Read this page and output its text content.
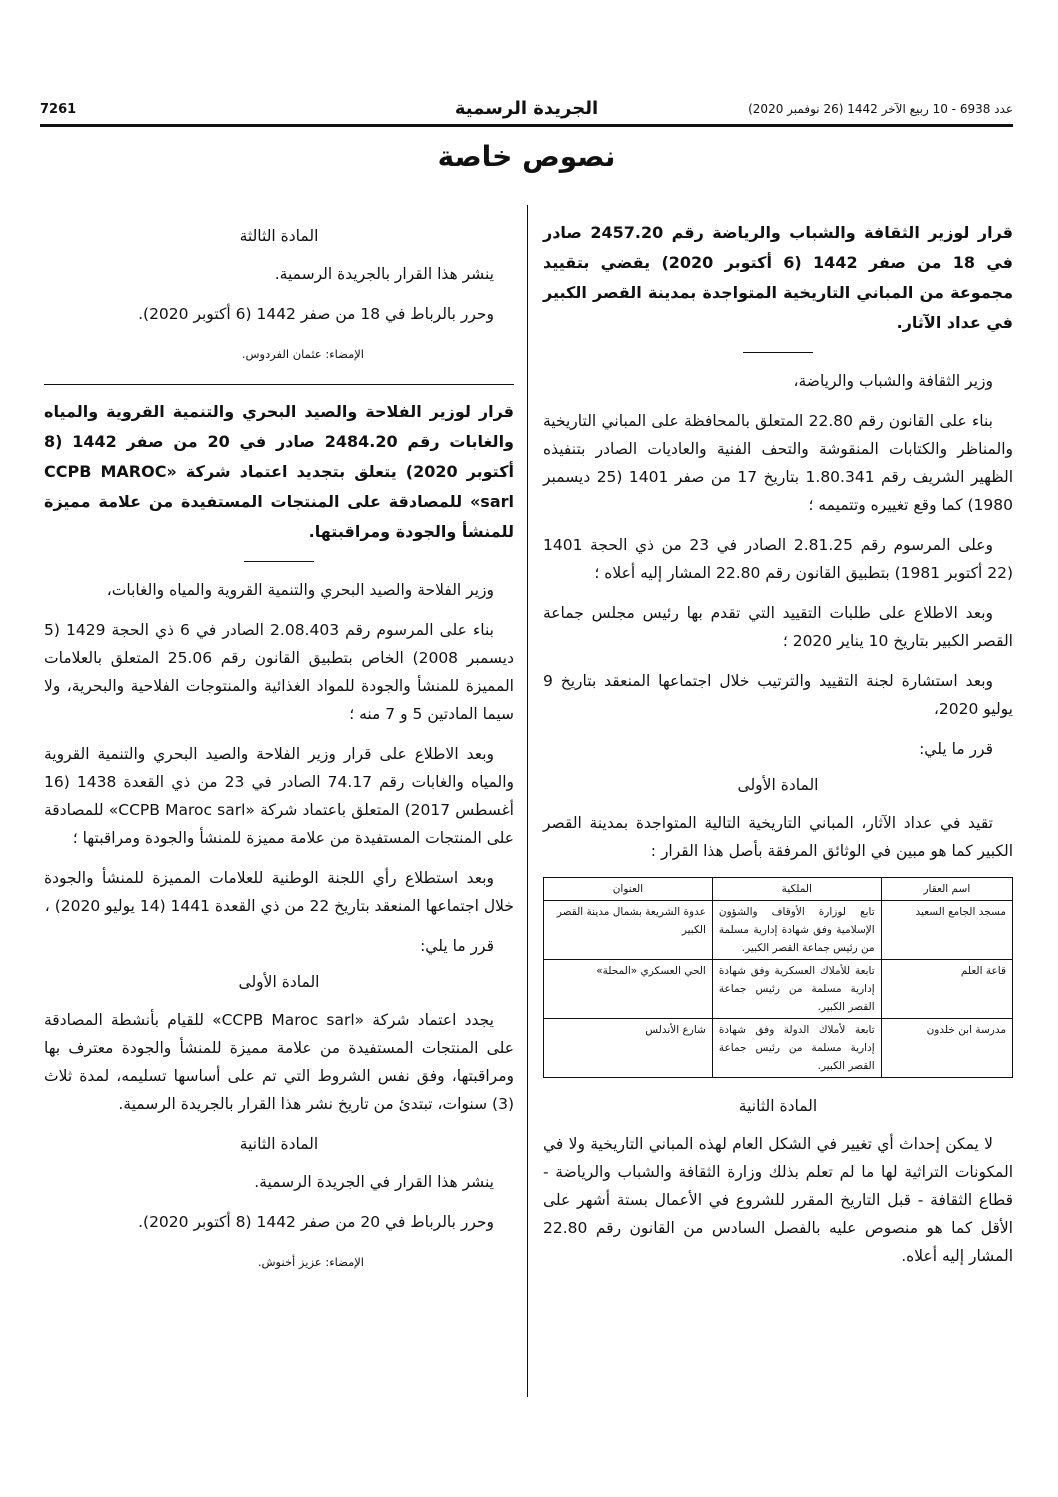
7261	الجريدة الرسمية	عدد 6938 - 10 ربيع الآخر 1442 (26 نوفمبر 2020)
نصوص خاصة

قرار لوزير الثقافة والشباب والرياضة رقم 2457.20 صادر في 18 من صفر 1442 (6 أكتوبر 2020) يقضي بتقييد مجموعة من المباني التاريخية المتواجدة بمدينة القصر الكبير في عداد الآثار.

وزير الثقافة والشباب والرياضة،

بناء على القانون رقم 22.80 المتعلق بالمحافظة على المباني التاريخية والمناظر والكتابات المنقوشة والتحف الفنية والعاديات الصادر بتنفيذه الظهير الشريف رقم 1.80.341 بتاريخ 17 من صفر 1401 (25 ديسمبر 1980) كما وقع تغييره وتتميمه ؛

وعلى المرسوم رقم 2.81.25 الصادر في 23 من ذي الحجة 1401 (22 أكتوبر 1981) بتطبيق القانون رقم 22.80 المشار إليه أعلاه ؛

وبعد الاطلاع على طلبات التقييد التي تقدم بها رئيس مجلس جماعة القصر الكبير بتاريخ 10 يناير 2020 ؛

وبعد استشارة لجنة التقييد والترتيب خلال اجتماعها المنعقد بتاريخ 9 يوليو 2020،

قرر ما يلي:

المادة الأولى

تقيد في عداد الآثار، المباني التاريخية التالية المتواجدة بمدينة القصر الكبير كما هو مبين في الوثائق المرفقة بأصل هذا القرار :

اسم العقار	الملكية	العنوان
مسجد الجامع السعيد	تابع لوزارة الأوقاف والشؤون الإسلامية وفق شهادة إدارية مسلمة من رئيس جماعة القصر الكبير.	عدوة الشريعة بشمال مدينة القصر الكبير
قاعة العلم	تابعة للأملاك العسكرية وفق شهادة إدارية مسلمة من رئيس جماعة القصر الكبير.	الحي العسكري «المحلة»
مدرسة ابن خلدون	تابعة لأملاك الدولة وفق شهادة إدارية مسلمة من رئيس جماعة القصر الكبير.	شارع الأندلس

المادة الثانية

لا يمكن إحداث أي تغيير في الشكل العام لهذه المباني التاريخية ولا في المكونات التراثية لها ما لم تعلم بذلك وزارة الثقافة والشباب والرياضة - قطاع الثقافة - قبل التاريخ المقرر للشروع في الأعمال بستة أشهر على الأقل كما هو منصوص عليه بالفصل السادس من القانون رقم 22.80 المشار إليه أعلاه.

المادة الثالثة

ينشر هذا القرار بالجريدة الرسمية.

وحرر بالرباط في 18 من صفر 1442 (6 أكتوبر 2020).

الإمضاء: عثمان الفردوس.

قرار لوزير الفلاحة والصيد البحري والتنمية القروية والمياه والغابات رقم 2484.20 صادر في 20 من صفر 1442 (8 أكتوبر 2020) يتعلق بتجديد اعتماد شركة «CCPB MAROC sarl» للمصادقة على المنتجات المستفيدة من علامة مميزة للمنشأ والجودة ومراقبتها.

وزير الفلاحة والصيد البحري والتنمية القروية والمياه والغابات،

بناء على المرسوم رقم 2.08.403 الصادر في 6 ذي الحجة 1429 (5 ديسمبر 2008) الخاص بتطبيق القانون رقم 25.06 المتعلق بالعلامات المميزة للمنشأ والجودة للمواد الغذائية والمنتوجات الفلاحية والبحرية، ولا سيما المادتين 5 و 7 منه ؛

وبعد الاطلاع على قرار وزير الفلاحة والصيد البحري والتنمية القروية والمياه والغابات رقم 74.17 الصادر في 23 من ذي القعدة 1438 (16 أغسطس 2017) المتعلق باعتماد شركة «CCPB Maroc sarl» للمصادقة على المنتجات المستفيدة من علامة مميزة للمنشأ والجودة ومراقبتها ؛

وبعد استطلاع رأي اللجنة الوطنية للعلامات المميزة للمنشأ والجودة خلال اجتماعها المنعقد بتاريخ 22 من ذي القعدة 1441 (14 يوليو 2020) ،

قرر ما يلي:

المادة الأولى

يجدد اعتماد شركة «CCPB Maroc sarl» للقيام بأنشطة المصادقة على المنتجات المستفيدة من علامة مميزة للمنشأ والجودة معترف بها ومراقبتها، وفق نفس الشروط التي تم على أساسها تسليمه، لمدة ثلاث (3) سنوات، تبتدئ من تاريخ نشر هذا القرار بالجريدة الرسمية.

المادة الثانية

ينشر هذا القرار في الجريدة الرسمية.

وحرر بالرباط في 20 من صفر 1442 (8 أكتوبر 2020).

الإمضاء: عزيز أخنوش.
